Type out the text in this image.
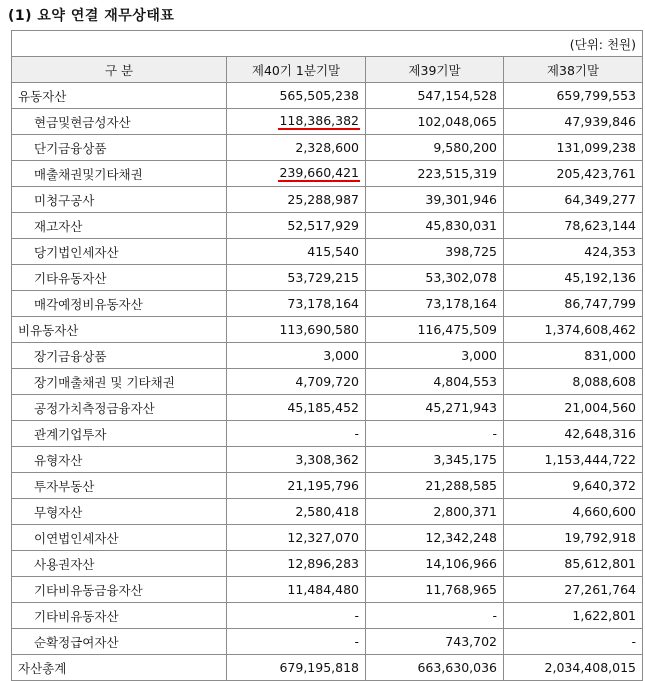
(1) 요약 연결 재무상태표
(단위: 천원)			
구 분	제40기 1분기말	제39기말	제38기말
유동자산	565,505,238	547,154,528	659,799,553
현금및현금성자산	118,386,382	102,048,065	47,939,846
단기금융상품	2,328,600	9,580,200	131,099,238
매출채권및기타채권	239,660,421	223,515,319	205,423,761
미청구공사	25,288,987	39,301,946	64,349,277
재고자산	52,517,929	45,830,031	78,623,144
당기법인세자산	415,540	398,725	424,353
기타유동자산	53,729,215	53,302,078	45,192,136
매각예정비유동자산	73,178,164	73,178,164	86,747,799
비유동자산	113,690,580	116,475,509	1,374,608,462
장기금융상품	3,000	3,000	831,000
장기매출채권 및 기타채권	4,709,720	4,804,553	8,088,608
공정가치측정금융자산	45,185,452	45,271,943	21,004,560
관계기업투자	-	-	42,648,316
유형자산	3,308,362	3,345,175	1,153,444,722
투자부동산	21,195,796	21,288,585	9,640,372
무형자산	2,580,418	2,800,371	4,660,600
이연법인세자산	12,327,070	12,342,248	19,792,918
사용권자산	12,896,283	14,106,966	85,612,801
기타비유동금융자산	11,484,480	11,768,965	27,261,764
기타비유동자산	-	-	1,622,801
순확정급여자산	-	743,702	-
자산총계	679,195,818	663,630,036	2,034,408,015
